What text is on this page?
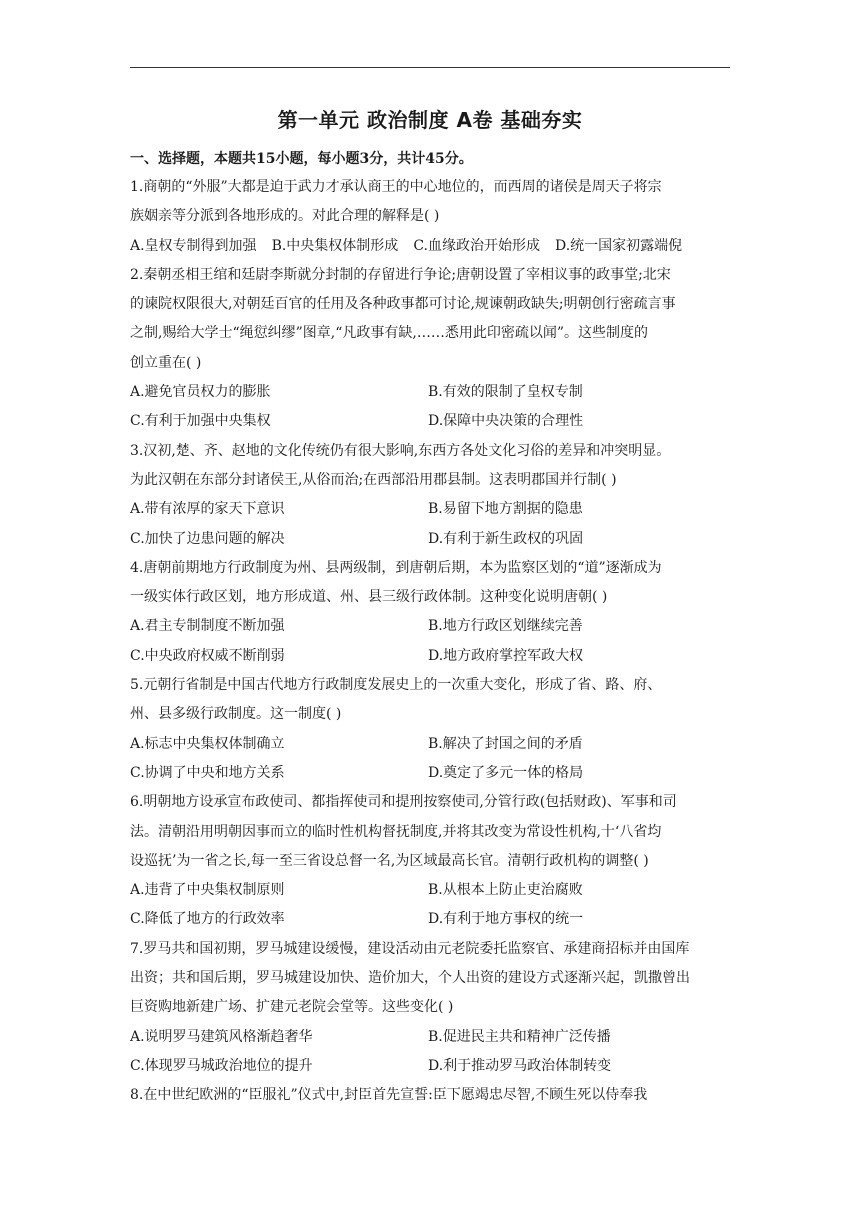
第一单元 政治制度 A卷 基础夯实
一、选择题，本题共15小题，每小题3分，共计45分。
1.商朝的“外服”大都是迫于武力才承认商王的中心地位的，而西周的诸侯是周天子将宗
族姻亲等分派到各地形成的。对此合理的解释是( )
A.皇权专制得到加强 B.中央集权体制形成 C.血缘政治开始形成 D.统一国家初露端倪
2.秦朝丞相王绾和廷尉李斯就分封制的存留进行争论;唐朝设置了宰相议事的政事堂;北宋
的谏院权限很大,对朝廷百官的任用及各种政事都可讨论,规谏朝政缺失;明朝创行密疏言事
之制,赐给大学士“绳愆纠缪”图章,“凡政事有缺,……悉用此印密疏以闻”。这些制度的
创立重在( )
A.避免官员权力的膨胀	B.有效的限制了皇权专制
C.有利于加强中央集权	D.保障中央决策的合理性
3.汉初,楚、齐、赵地的文化传统仍有很大影响,东西方各处文化习俗的差异和冲突明显。
为此汉朝在东部分封诸侯王,从俗而治;在西部沿用郡县制。这表明郡国并行制( )
A.带有浓厚的家天下意识	B.易留下地方割据的隐患
C.加快了边患问题的解决	D.有利于新生政权的巩固
4.唐朝前期地方行政制度为州、县两级制，到唐朝后期，本为监察区划的“道”逐渐成为
一级实体行政区划，地方形成道、州、县三级行政体制。这种变化说明唐朝( )
A.君主专制制度不断加强	B.地方行政区划继续完善
C.中央政府权威不断削弱	D.地方政府掌控军政大权
5.元朝行省制是中国古代地方行政制度发展史上的一次重大变化，形成了省、路、府、
州、县多级行政制度。这一制度( )
A.标志中央集权体制确立	B.解决了封国之间的矛盾
C.协调了中央和地方关系	D.奠定了多元一体的格局
6.明朝地方设承宣布政使司、都指挥使司和提刑按察使司,分管行政(包括财政)、军事和司
法。清朝沿用明朝因事而立的临时性机构督抚制度,并将其改变为常设性机构,十‘八省均
设巡抚’为一省之长,每一至三省设总督一名,为区域最高长官。清朝行政机构的调整( )
A.违背了中央集权制原则	B.从根本上防止吏治腐败
C.降低了地方的行政效率	D.有利于地方事权的统一
7.罗马共和国初期，罗马城建设缓慢，建设活动由元老院委托监察官、承建商招标并由国库
出资；共和国后期，罗马城建设加快、造价加大，个人出资的建设方式逐渐兴起，凯撒曾出
巨资购地新建广场、扩建元老院会堂等。这些变化( )
A.说明罗马建筑风格渐趋奢华	B.促进民主共和精神广泛传播
C.体现罗马城政治地位的提升	D.利于推动罗马政治体制转变
8.在中世纪欧洲的“臣服礼”仪式中,封臣首先宣誓:臣下愿竭忠尽智,不顾生死以侍奉我
